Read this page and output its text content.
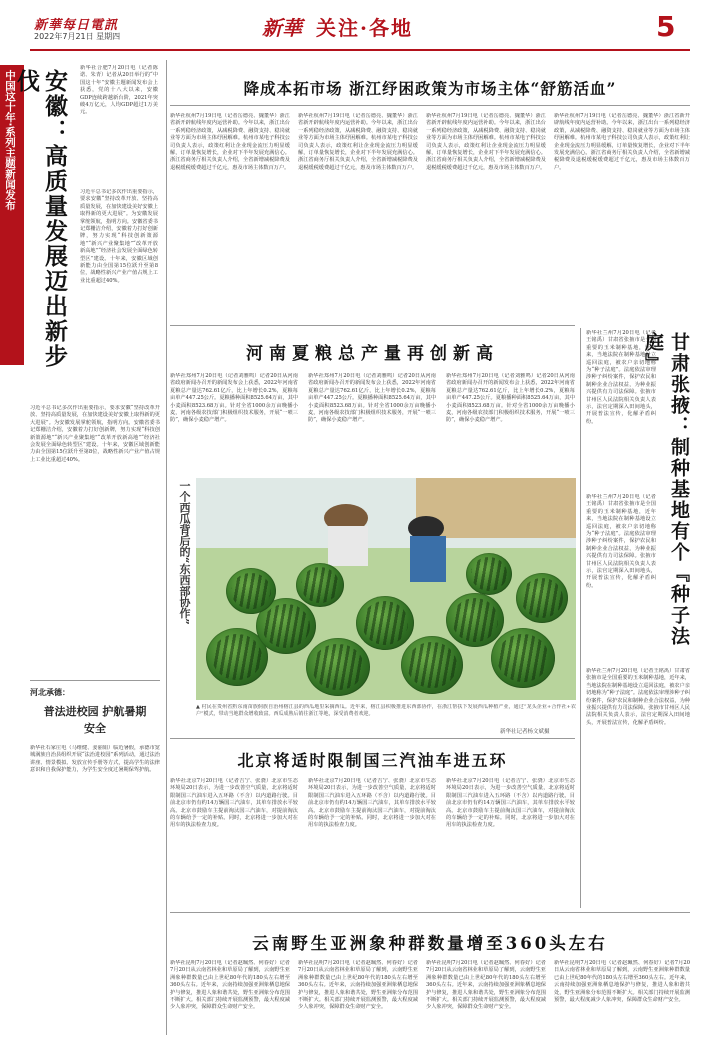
新華每日電訊
2022年7月21日 星期四	新華 关注·各地	5
中国这十年·系列主题新闻发布	安徽：高质量发展迈出新步伐
新华社合肥7月20日电（记者陈诺、朱青）记者从20日举行的“中国这十年”安徽主题新闻发布会上获悉，党的十八大以来，安徽GDP连续跨越新台阶，2021年突破4万亿元，人均GDP超过1万美元。
习近平总书记多次作出重要指示，要求安徽“坚持改革开放、坚持高质量发展，在加快建设美好安徽上取得新的更大进展”。为安徽发展掌舵领航，指明方向。安徽省委书记郑栅洁介绍，安徽着力打好创新牌，努力实现“科技创新策源地”“新兴产业聚集地”“改革开放新高地”“经济社会发展全面绿色转型区”建设。十年来，安徽区域创新能力由全国第15位跃升至第8位，战略性新兴产业产值占规上工业比重超过40%。
习近平总书记多次作出重要指示，要求安徽“坚持改革开放、坚持高质量发展，在加快建设美好安徽上取得新的更大进展”。为安徽发展掌舵领航，指明方向。安徽省委书记郑栅洁介绍，安徽着力打好创新牌，努力实现“科技创新策源地”“新兴产业聚集地”“改革开放新高地”“经济社会发展全面绿色转型区”建设。十年来，安徽区域创新能力由全国第15位跃升至第8位，战略性新兴产业产值占规上工业比重超过40%。
河北承德：
普法进校园 护航暑期安全
新华社石家庄电（马维健、姜丽娟）临近暑假，承德市宽城满族自治县组织开展“法治进校园”系列活动，通过法治讲座、情景模拟、发放宣传手册等方式，提高学生的法律意识和自我保护能力，为学生安全度过暑期保驾护航。
降成本拓市场 浙江纾困政策为市场主体“舒筋活血”
新华社杭州7月19日电（记者岳德亮、魏董华）浙江省新开辟航线年度内运营补助。今年以来，浙江出台一系列稳经济政策，从减税降费、融资支持、稳岗就业等方面为市场主体纾困解难。杭州市某电子科技公司负责人表示，政策红利让企业现金流压力明显缓解，订单量恢复增长，企业对下半年发展充满信心。浙江省商务厅相关负责人介绍，全省新增减税降费及退税缓税缓费超过千亿元，惠及市场主体数百万户。
新华社杭州7月19日电（记者岳德亮、魏董华）浙江省新开辟航线年度内运营补助。今年以来，浙江出台一系列稳经济政策，从减税降费、融资支持、稳岗就业等方面为市场主体纾困解难。杭州市某电子科技公司负责人表示，政策红利让企业现金流压力明显缓解，订单量恢复增长，企业对下半年发展充满信心。浙江省商务厅相关负责人介绍，全省新增减税降费及退税缓税缓费超过千亿元，惠及市场主体数百万户。
新华社杭州7月19日电（记者岳德亮、魏董华）浙江省新开辟航线年度内运营补助。今年以来，浙江出台一系列稳经济政策，从减税降费、融资支持、稳岗就业等方面为市场主体纾困解难。杭州市某电子科技公司负责人表示，政策红利让企业现金流压力明显缓解，订单量恢复增长，企业对下半年发展充满信心。浙江省商务厅相关负责人介绍，全省新增减税降费及退税缓税缓费超过千亿元，惠及市场主体数百万户。
新华社杭州7月19日电（记者岳德亮、魏董华）浙江省新开辟航线年度内运营补助。今年以来，浙江出台一系列稳经济政策，从减税降费、融资支持、稳岗就业等方面为市场主体纾困解难。杭州市某电子科技公司负责人表示，政策红利让企业现金流压力明显缓解，订单量恢复增长，企业对下半年发展充满信心。浙江省商务厅相关负责人介绍，全省新增减税降费及退税缓税缓费超过千亿元，惠及市场主体数百万户。
河南夏粮总产量再创新高
新华社郑州7月20日电（记者刘雅鸣）记者20日从河南省政府新闻办召开的新闻发布会上获悉，2022年河南省夏粮总产量达762.61亿斤，比上年增长0.2%，夏粮每亩单产447.25公斤。夏粮播种面积8525.64万亩，其中小麦面积8523.68万亩。针对全省1000余万亩晚播小麦，河南各级农技部门积极组织技术服务，开展“一喷三防”，确保小麦稳产增产。
新华社郑州7月20日电（记者刘雅鸣）记者20日从河南省政府新闻办召开的新闻发布会上获悉，2022年河南省夏粮总产量达762.61亿斤，比上年增长0.2%，夏粮每亩单产447.25公斤。夏粮播种面积8525.64万亩，其中小麦面积8523.68万亩。针对全省1000余万亩晚播小麦，河南各级农技部门积极组织技术服务，开展“一喷三防”，确保小麦稳产增产。
新华社郑州7月20日电（记者刘雅鸣）记者20日从河南省政府新闻办召开的新闻发布会上获悉，2022年河南省夏粮总产量达762.61亿斤，比上年增长0.2%，夏粮每亩单产447.25公斤。夏粮播种面积8525.64万亩，其中小麦面积8523.68万亩。针对全省1000余万亩晚播小麦，河南各级农技部门积极组织技术服务，开展“一喷三防”，确保小麦稳产增产。
一个西瓜背后的“东西部协作”
▲ 村民在贵州省黔东南苗族侗族自治州榕江县的西瓜地里采摘西瓜。近年来，榕江县积极推进东西部协作，在浙江帮扶下发展西瓜种植产业，通过“龙头企业+合作社+农户”模式，带动当地群众增收致富。西瓜成熟后销往浙江等地，深受消费者欢迎。
新华社记者杨文斌摄
北京将适时限制国三汽油车进五环
新华社北京7月20日电（记者吉宁、张骁）北京市生态环境局20日表示，为进一步改善空气质量，北京将适时限制国三汽油车进入五环路（不含）以内道路行驶。目前北京市仍有约14万辆国三汽油车，其单车排放水平较高。北京市鼓励车主提前淘汰国三汽油车，对提前淘汰的车辆给予一定的补贴。同时，北京将进一步加大对在用车的执法检查力度。
新华社北京7月20日电（记者吉宁、张骁）北京市生态环境局20日表示，为进一步改善空气质量，北京将适时限制国三汽油车进入五环路（不含）以内道路行驶。目前北京市仍有约14万辆国三汽油车，其单车排放水平较高。北京市鼓励车主提前淘汰国三汽油车，对提前淘汰的车辆给予一定的补贴。同时，北京将进一步加大对在用车的执法检查力度。
新华社北京7月20日电（记者吉宁、张骁）北京市生态环境局20日表示，为进一步改善空气质量，北京将适时限制国三汽油车进入五环路（不含）以内道路行驶。目前北京市仍有约14万辆国三汽油车，其单车排放水平较高。北京市鼓励车主提前淘汰国三汽油车，对提前淘汰的车辆给予一定的补贴。同时，北京将进一步加大对在用车的执法检查力度。
新华社兰州7月20日电（记者王铭禹）甘肃省张掖市是全国重要的玉米制种基地，近年来，当地法院在制种基地设立巡回法庭，被农户亲切地称为“种子法庭”。法庭依法审理涉种子纠纷案件，保护农民和制种企业合法权益，为种业振兴提供有力司法保障。张掖市甘州区人民法院相关负责人表示，法官定期深入田间地头，开展普法宣传，化解矛盾纠纷。	甘肃张掖：制种基地有个『种子法庭』
新华社兰州7月20日电（记者王铭禹）甘肃省张掖市是全国重要的玉米制种基地，近年来，当地法院在制种基地设立巡回法庭，被农户亲切地称为“种子法庭”。法庭依法审理涉种子纠纷案件，保护农民和制种企业合法权益，为种业振兴提供有力司法保障。张掖市甘州区人民法院相关负责人表示，法官定期深入田间地头，开展普法宣传，化解矛盾纠纷。
新华社兰州7月20日电（记者王铭禹）甘肃省张掖市是全国重要的玉米制种基地，近年来，当地法院在制种基地设立巡回法庭，被农户亲切地称为“种子法庭”。法庭依法审理涉种子纠纷案件，保护农民和制种企业合法权益，为种业振兴提供有力司法保障。张掖市甘州区人民法院相关负责人表示，法官定期深入田间地头，开展普法宣传，化解矛盾纠纷。
云南野生亚洲象种群数量增至360头左右
新华社昆明7月20日电（记者赵珮然、何春好）记者7月20日从云南省林业和草原局了解到，云南野生亚洲象种群数量已由上世纪80年代的180头左右增至360头左右。近年来，云南持续加强亚洲象栖息地保护与修复，推进人象和谐共处，野生亚洲象分布范围不断扩大。相关部门持续开展监测预警，最大程度减少人象冲突，保障群众生命财产安全。
新华社昆明7月20日电（记者赵珮然、何春好）记者7月20日从云南省林业和草原局了解到，云南野生亚洲象种群数量已由上世纪80年代的180头左右增至360头左右。近年来，云南持续加强亚洲象栖息地保护与修复，推进人象和谐共处，野生亚洲象分布范围不断扩大。相关部门持续开展监测预警，最大程度减少人象冲突，保障群众生命财产安全。
新华社昆明7月20日电（记者赵珮然、何春好）记者7月20日从云南省林业和草原局了解到，云南野生亚洲象种群数量已由上世纪80年代的180头左右增至360头左右。近年来，云南持续加强亚洲象栖息地保护与修复，推进人象和谐共处，野生亚洲象分布范围不断扩大。相关部门持续开展监测预警，最大程度减少人象冲突，保障群众生命财产安全。
新华社昆明7月20日电（记者赵珮然、何春好）记者7月20日从云南省林业和草原局了解到，云南野生亚洲象种群数量已由上世纪80年代的180头左右增至360头左右。近年来，云南持续加强亚洲象栖息地保护与修复，推进人象和谐共处，野生亚洲象分布范围不断扩大。相关部门持续开展监测预警，最大程度减少人象冲突，保障群众生命财产安全。
